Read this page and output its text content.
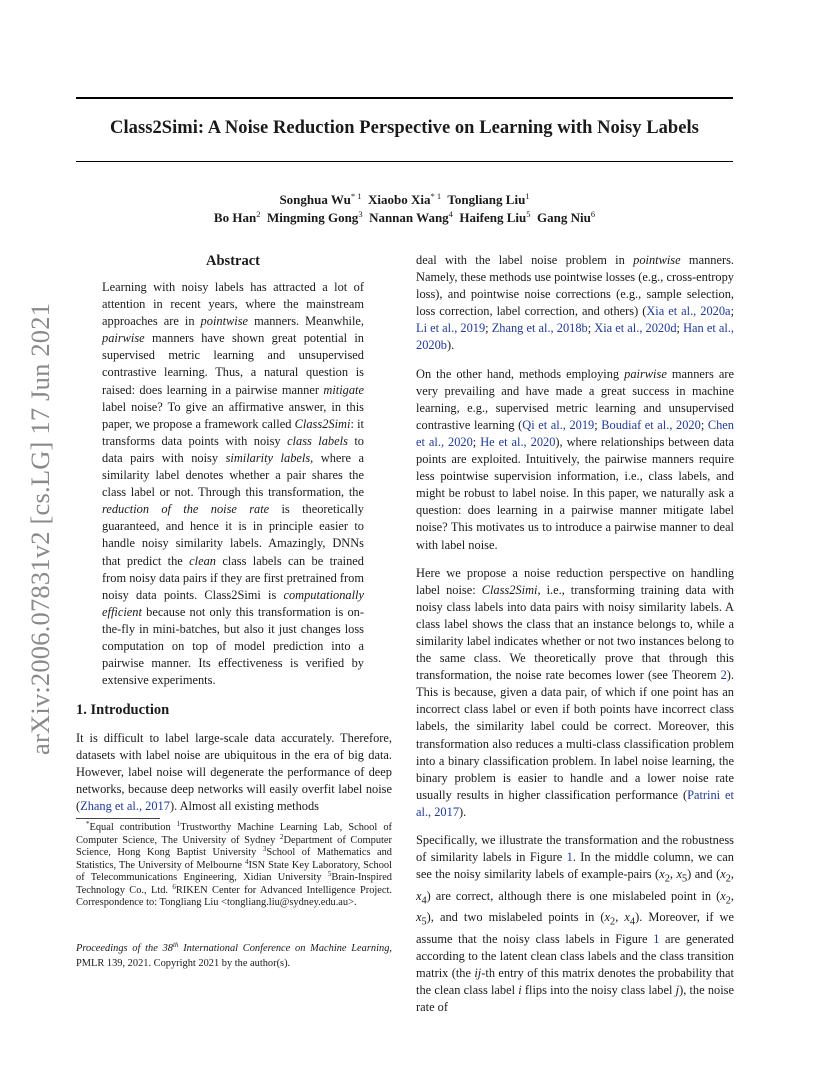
Class2Simi: A Noise Reduction Perspective on Learning with Noisy Labels
Songhua Wu$^{* 1}$ Xiaobo Xia$^{* 1}$ Tongliang Liu$^1$
Bo Han$^2$ Mingming Gong$^3$ Nannan Wang$^4$ Haifeng Liu$^5$ Gang Niu$^6$
arXiv:2006.07831v2 [cs.LG] 17 Jun 2021
Abstract
Learning with noisy labels has attracted a lot of attention in recent years, where the mainstream approaches are in pointwise manners. Meanwhile, pairwise manners have shown great potential in supervised metric learning and unsupervised contrastive learning. Thus, a natural question is raised: does learning in a pairwise manner mitigate label noise? To give an affirmative answer, in this paper, we propose a framework called Class2Simi: it transforms data points with noisy class labels to data pairs with noisy similarity labels, where a similarity label denotes whether a pair shares the class label or not. Through this transformation, the reduction of the noise rate is theoretically guaranteed, and hence it is in principle easier to handle noisy similarity labels. Amazingly, DNNs that predict the clean class labels can be trained from noisy data pairs if they are first pretrained from noisy data points. Class2Simi is computationally efficient because not only this transformation is on-the-fly in mini-batches, but also it just changes loss computation on top of model prediction into a pairwise manner. Its effectiveness is verified by extensive experiments.
1. Introduction
It is difficult to label large-scale data accurately. Therefore, datasets with label noise are ubiquitous in the era of big data. However, label noise will degenerate the performance of deep networks, because deep networks will easily overfit label noise (Zhang et al., 2017). Almost all existing methods
*Equal contribution $^1$Trustworthy Machine Learning Lab, School of Computer Science, The University of Sydney $^2$Department of Computer Science, Hong Kong Baptist University $^3$School of Mathematics and Statistics, The University of Melbourne $^4$ISN State Key Laboratory, School of Telecommunications Engineering, Xidian University $^5$Brain-Inspired Technology Co., Ltd. $^6$RIKEN Center for Advanced Intelligence Project. Correspondence to: Tongliang Liu <tongliang.liu@sydney.edu.au>.
Proceedings of the 38th International Conference on Machine Learning, PMLR 139, 2021. Copyright 2021 by the author(s).

deal with the label noise problem in pointwise manners. Namely, these methods use pointwise losses (e.g., cross-entropy loss), and pointwise noise corrections (e.g., sample selection, loss correction, label correction, and others) (Xia et al., 2020a; Li et al., 2019; Zhang et al., 2018b; Xia et al., 2020d; Han et al., 2020b).

On the other hand, methods employing pairwise manners are very prevailing and have made a great success in machine learning, e.g., supervised metric learning and unsupervised contrastive learning (Qi et al., 2019; Boudiaf et al., 2020; Chen et al., 2020; He et al., 2020), where relationships between data points are exploited. Intuitively, the pairwise manners require less pointwise supervision information, i.e., class labels, and might be robust to label noise. In this paper, we naturally ask a question: does learning in a pairwise manner mitigate label noise? This motivates us to introduce a pairwise manner to deal with label noise.

Here we propose a noise reduction perspective on handling label noise: Class2Simi, i.e., transforming training data with noisy class labels into data pairs with noisy similarity labels. A class label shows the class that an instance belongs to, while a similarity label indicates whether or not two instances belong to the same class. We theoretically prove that through this transformation, the noise rate becomes lower (see Theorem 2). This is because, given a data pair, of which if one point has an incorrect class label or even if both points have incorrect class labels, the similarity label could be correct. Moreover, this transformation also reduces a multi-class classification problem into a binary classification problem. In label noise learning, the binary problem is easier to handle and a lower noise rate usually results in higher classification performance (Patrini et al., 2017).

Specifically, we illustrate the transformation and the robustness of similarity labels in Figure 1. In the middle column, we can see the noisy similarity labels of example-pairs ($x_2$, $x_5$) and ($x_2$, $x_4$) are correct, although there is one mislabeled point in ($x_2$, $x_5$), and two mislabeled points in ($x_2$, $x_4$). Moreover, if we assume that the noisy class labels in Figure 1 are generated according to the latent clean class labels and the class transition matrix (the ij-th entry of this matrix denotes the probability that the clean class label i flips into the noisy class label j), the noise rate of
